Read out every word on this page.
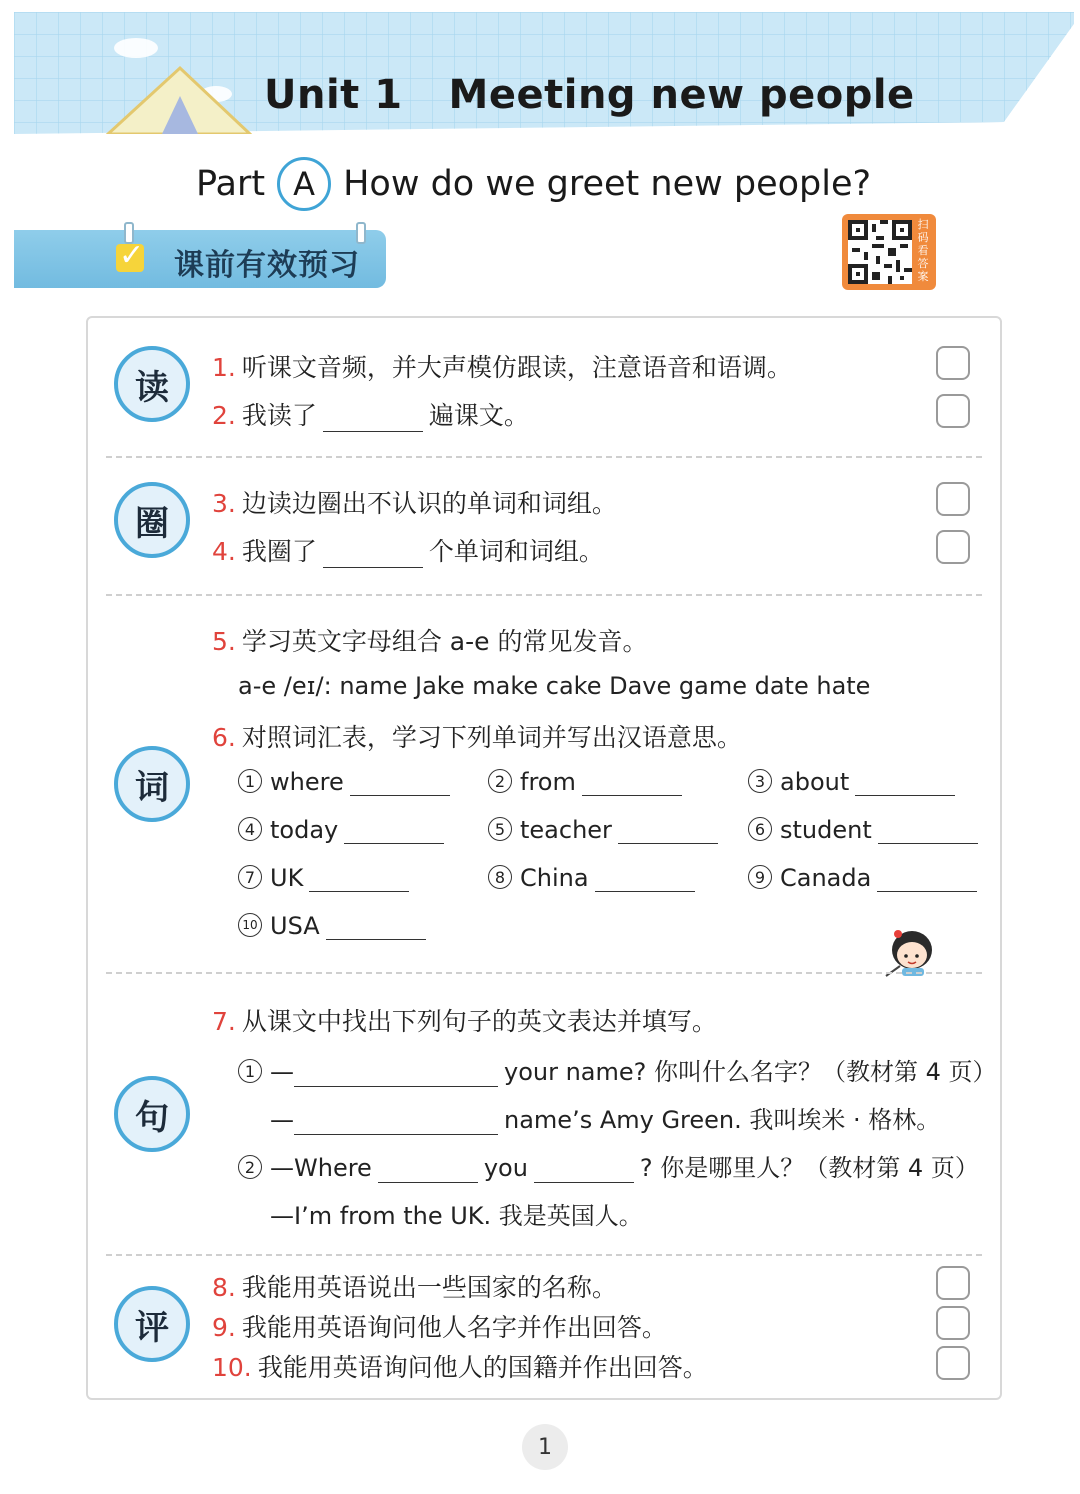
Unit 1 Meeting new people
Part A How do we greet new people?
✓ 课前有效预习
扫码看答案
读	1. 听课文音频，并大声模仿跟读，注意语音和语调。
2. 我读了	遍课文。
圈	3. 边读边圈出不认识的单词和词组。
4. 我圈了	个单词和词组。
词
5. 学习英文字母组合 a-e 的常见发音。
a-e /eɪ/: name Jake make cake Dave game date hate
6. 对照词汇表，学习下列单词并写出汉语意思。
1 where	2 from	3 about
4 today	5 teacher	6 student
7 UK	8 China	9 Canada
10 USA
句
7. 从课文中找出下列句子的英文表达并填写。
1 —	your name? 你叫什么名字？（教材第 4 页）
—	name’s Amy Green. 我叫埃米 · 格林。
2 —Where	you	? 你是哪里人？（教材第 4 页）
—I’m from the UK. 我是英国人。
评
8. 我能用英语说出一些国家的名称。
9. 我能用英语询问他人名字并作出回答。
10. 我能用英语询问他人的国籍并作出回答。
1
